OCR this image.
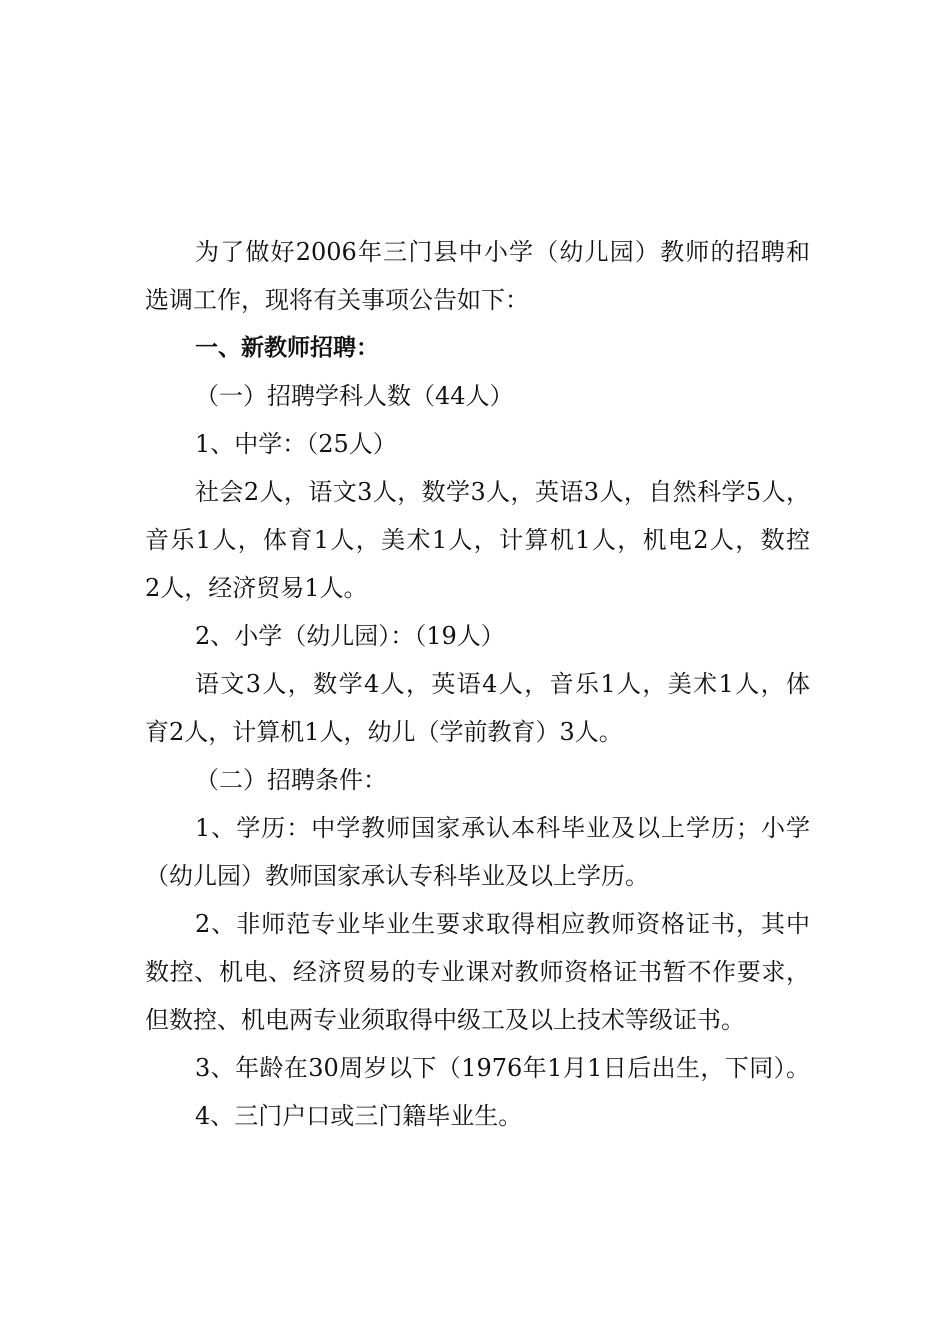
为了做好2006年三门县中小学（幼儿园）教师的招聘和
选调工作，现将有关事项公告如下：
一、新教师招聘：
（一）招聘学科人数（44人）
1、中学：（25人）
社会2人，语文3人，数学3人，英语3人，自然科学5人，
音乐1人，体育1人，美术1人，计算机1人，机电2人，数控
2人，经济贸易1人。
2、小学（幼儿园）：（19人）
语文3人，数学4人，英语4人，音乐1人，美术1人，体
育2人，计算机1人，幼儿（学前教育）3人。
（二）招聘条件：
1、学历：中学教师国家承认本科毕业及以上学历；小学
（幼儿园）教师国家承认专科毕业及以上学历。
2、非师范专业毕业生要求取得相应教师资格证书，其中
数控、机电、经济贸易的专业课对教师资格证书暂不作要求，
但数控、机电两专业须取得中级工及以上技术等级证书。
3、年龄在30周岁以下（1976年1月1日后出生，下同）。
4、三门户口或三门籍毕业生。
